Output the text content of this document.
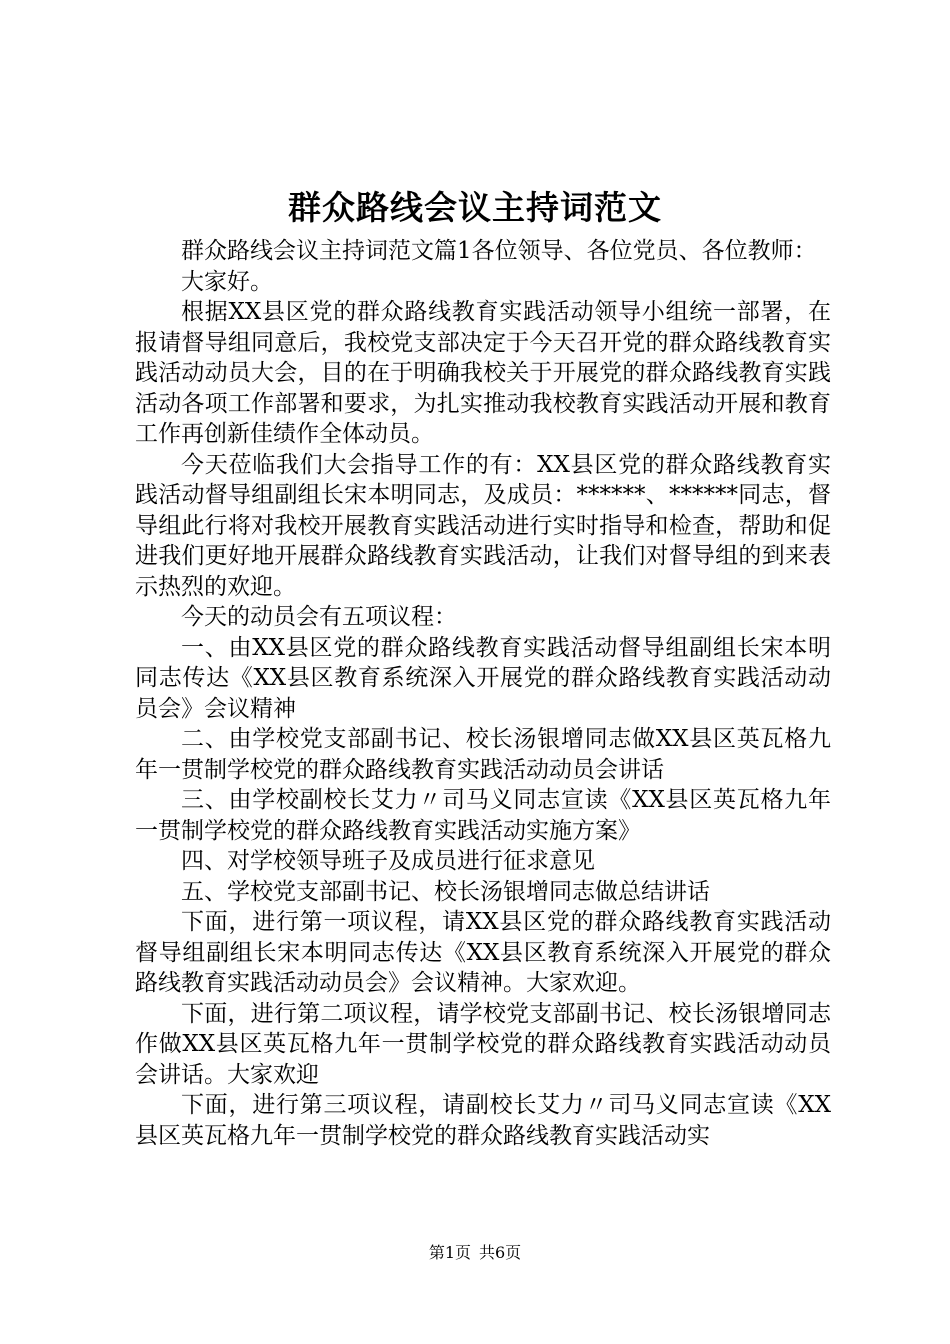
群众路线会议主持词范文

群众路线会议主持词范文篇1各位领导、各位党员、各位教师：

大家好。

根据XX县区党的群众路线教育实践活动领导小组统一部署，在报请督导组同意后，我校党支部决定于今天召开党的群众路线教育实践活动动员大会，目的在于明确我校关于开展党的群众路线教育实践活动各项工作部署和要求，为扎实推动我校教育实践活动开展和教育工作再创新佳绩作全体动员。

今天莅临我们大会指导工作的有：XX县区党的群众路线教育实践活动督导组副组长宋本明同志，及成员：******、******同志，督导组此行将对我校开展教育实践活动进行实时指导和检查，帮助和促进我们更好地开展群众路线教育实践活动，让我们对督导组的到来表示热烈的欢迎。

今天的动员会有五项议程：

一、由XX县区党的群众路线教育实践活动督导组副组长宋本明同志传达《XX县区教育系统深入开展党的群众路线教育实践活动动员会》会议精神

二、由学校党支部副书记、校长汤银增同志做XX县区英瓦格九年一贯制学校党的群众路线教育实践活动动员会讲话

三、由学校副校长艾力〃司马义同志宣读《XX县区英瓦格九年一贯制学校党的群众路线教育实践活动实施方案》

四、对学校领导班子及成员进行征求意见

五、学校党支部副书记、校长汤银增同志做总结讲话

下面，进行第一项议程，请XX县区党的群众路线教育实践活动督导组副组长宋本明同志传达《XX县区教育系统深入开展党的群众路线教育实践活动动员会》会议精神。大家欢迎。

下面，进行第二项议程，请学校党支部副书记、校长汤银增同志作做XX县区英瓦格九年一贯制学校党的群众路线教育实践活动动员会讲话。大家欢迎

下面，进行第三项议程，请副校长艾力〃司马义同志宣读《XX县区英瓦格九年一贯制学校党的群众路线教育实践活动实

第1页 共6页
